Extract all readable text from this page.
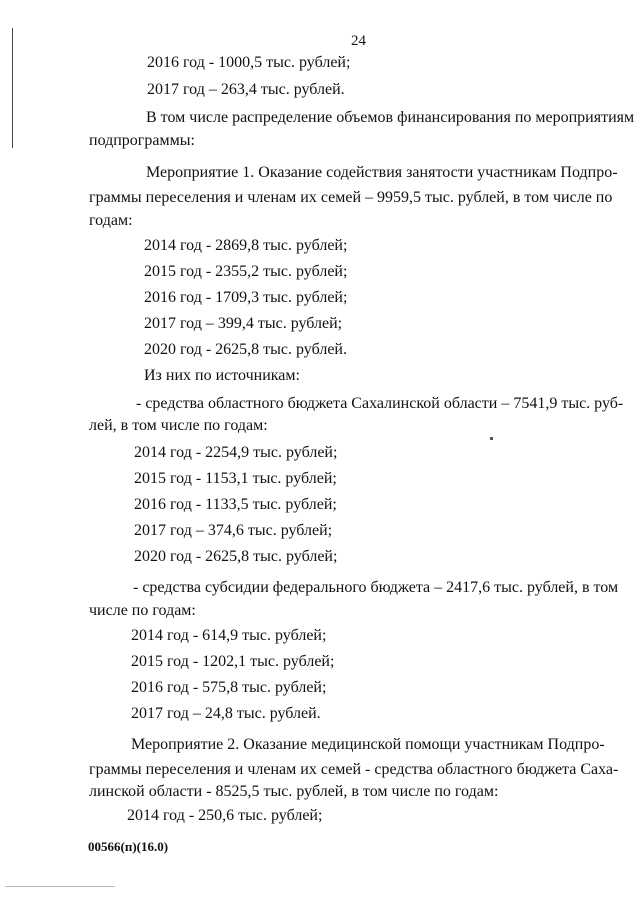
24
2016 год - 1000,5 тыс. рублей;
2017 год – 263,4 тыс. рублей.
В том числе распределение объемов финансирования по мероприятиям
подпрограммы:
Мероприятие 1. Оказание содействия занятости участникам Подпро-
граммы переселения и членам их семей – 9959,5 тыс. рублей, в том числе по
годам:
2014 год - 2869,8 тыс. рублей;
2015 год - 2355,2 тыс. рублей;
2016 год - 1709,3 тыс. рублей;
2017 год – 399,4 тыс. рублей;
2020 год - 2625,8 тыс. рублей.
Из них по источникам:
- средства областного бюджета Сахалинской области – 7541,9 тыс. руб-
лей, в том числе по годам:
2014 год - 2254,9 тыс. рублей;
2015 год - 1153,1 тыс. рублей;
2016 год - 1133,5 тыс. рублей;
2017 год – 374,6 тыс. рублей;
2020 год - 2625,8 тыс. рублей;
- средства субсидии федерального бюджета – 2417,6 тыс. рублей, в том
числе по годам:
2014 год - 614,9 тыс. рублей;
2015 год - 1202,1 тыс. рублей;
2016 год - 575,8 тыс. рублей;
2017 год – 24,8 тыс. рублей.
Мероприятие 2. Оказание медицинской помощи участникам Подпро-
граммы переселения и членам их семей - средства областного бюджета Саха-
линской области - 8525,5 тыс. рублей, в том числе по годам:
2014 год - 250,6 тыс. рублей;
00566(п)(16.0)
